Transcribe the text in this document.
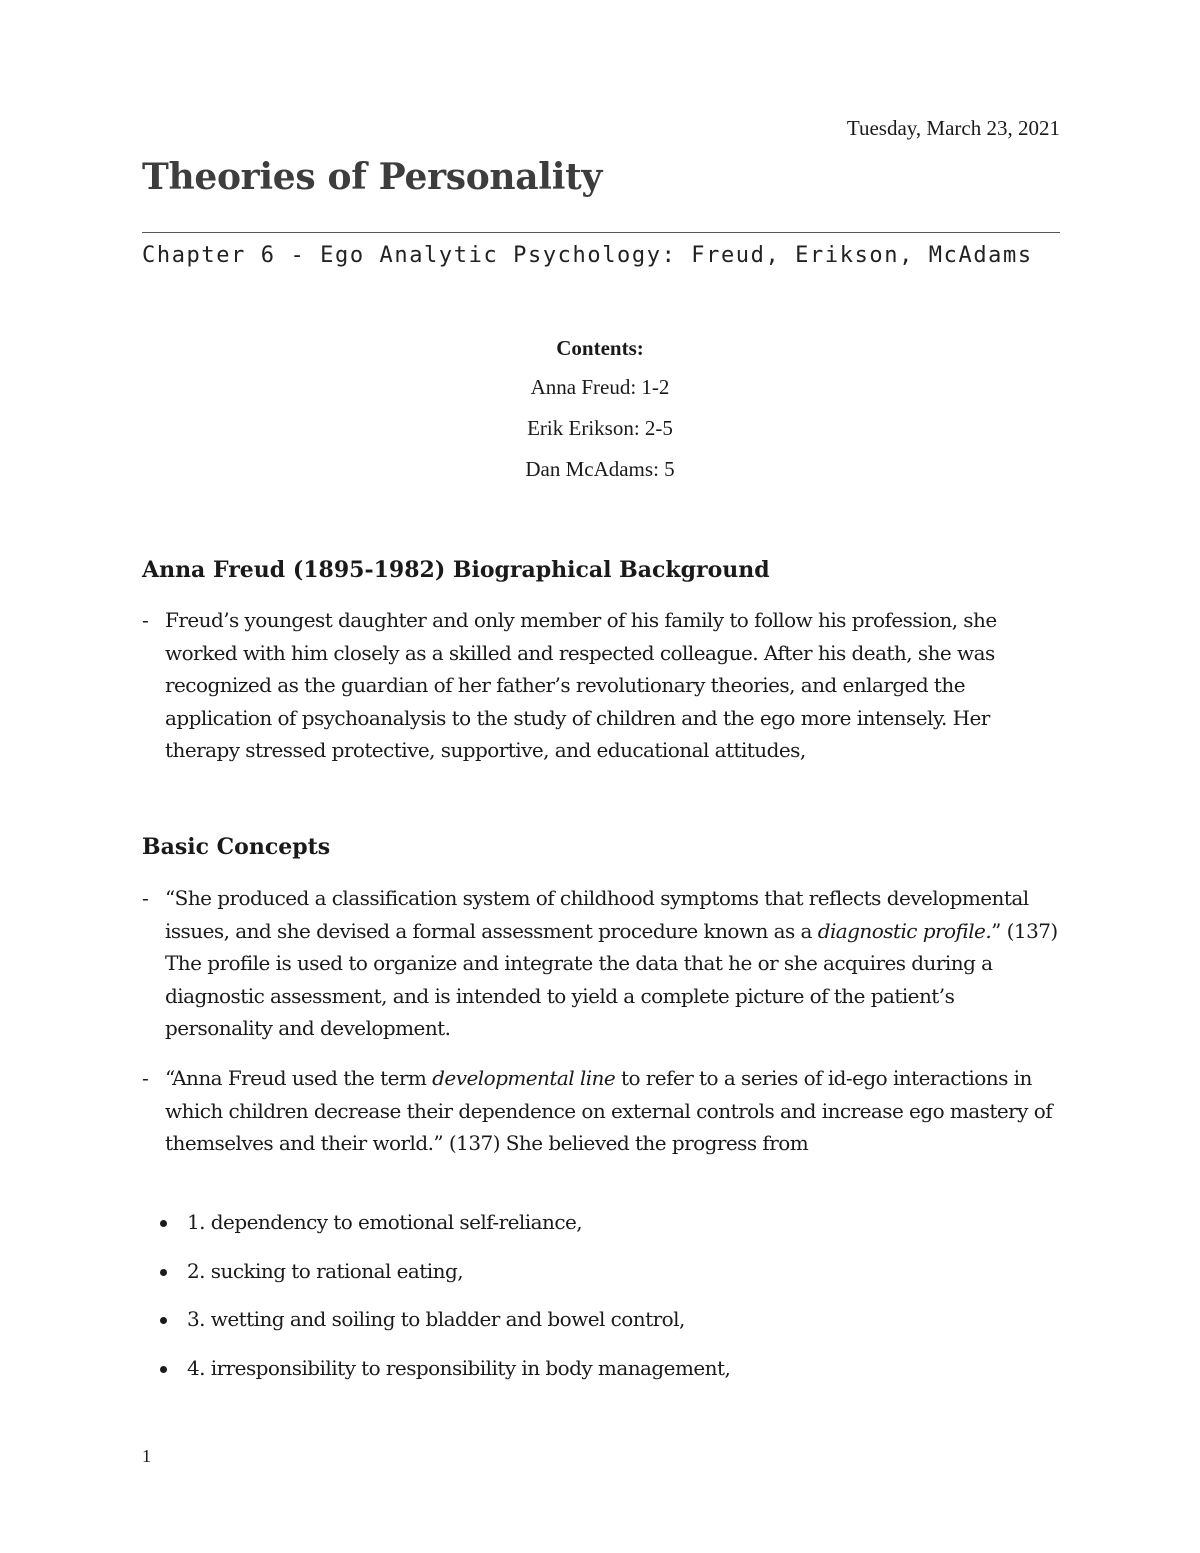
Tuesday, March 23, 2021
Theories of Personality
Chapter 6 - Ego Analytic Psychology: Freud, Erikson, McAdams
Contents:
Anna Freud: 1-2
Erik Erikson: 2-5
Dan McAdams: 5
Anna Freud (1895-1982) Biographical Background
- Freud’s youngest daughter and only member of his family to follow his profession, she worked with him closely as a skilled and respected colleague. After his death, she was recognized as the guardian of her father’s revolutionary theories, and enlarged the application of psychoanalysis to the study of children and the ego more intensely. Her therapy stressed protective, supportive, and educational attitudes,
Basic Concepts
- “She produced a classification system of childhood symptoms that reflects developmental issues, and she devised a formal assessment procedure known as a diagnostic profile.” (137) The profile is used to organize and integrate the data that he or she acquires during a diagnostic assessment, and is intended to yield a complete picture of the patient’s personality and development.
- “Anna Freud used the term developmental line to refer to a series of id-ego interactions in which children decrease their dependence on external controls and increase ego mastery of themselves and their world.” (137) She believed the progress from
1. dependency to emotional self-reliance,
2. sucking to rational eating,
3. wetting and soiling to bladder and bowel control,
4. irresponsibility to responsibility in body management,
1
